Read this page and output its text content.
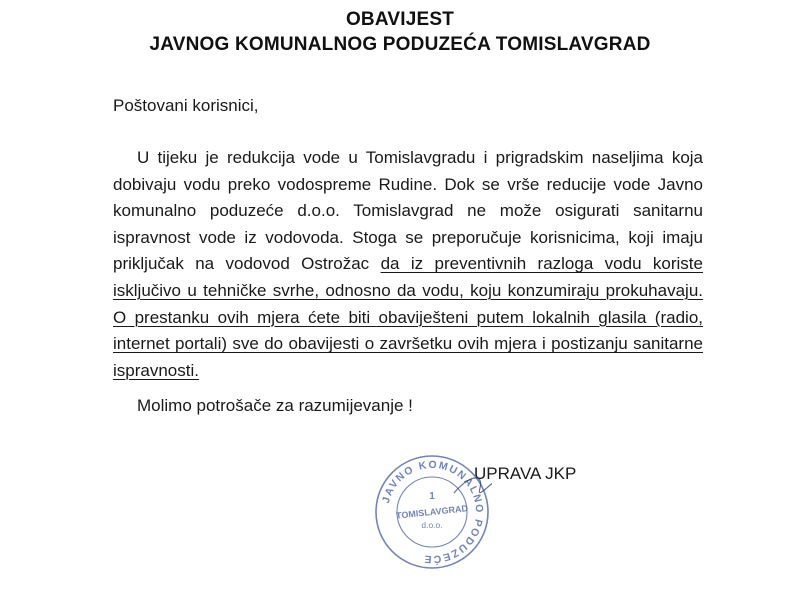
OBAVIJEST
JAVNOG KOMUNALNOG PODUZEĆA TOMISLAVGRAD
Poštovani korisnici,
U tijeku je redukcija vode u Tomislavgradu i prigradskim naseljima koja dobivaju vodu preko vodospreme Rudine. Dok se vrše reducije vode Javno komunalno poduzeće d.o.o. Tomislavgrad ne može osigurati sanitarnu ispravnost vode iz vodovoda. Stoga se preporučuje korisnicima, koji imaju priključak na vodovod Ostrožac da iz preventivnih razloga vodu koriste isključivo u tehničke svrhe, odnosno da vodu, koju konzumiraju prokuhavaju. O prestanku ovih mjera ćete biti obaviješteni putem lokalnih glasila (radio, internet portali) sve do obavijesti o završetku ovih mjera i postizanju sanitarne ispravnosti.
Molimo potrošače za razumijevanje !
UPRAVA JKP
JAVNO KOMUNALNO PODUZEĆE
1
TOMISLAVGRAD
d.o.o.
